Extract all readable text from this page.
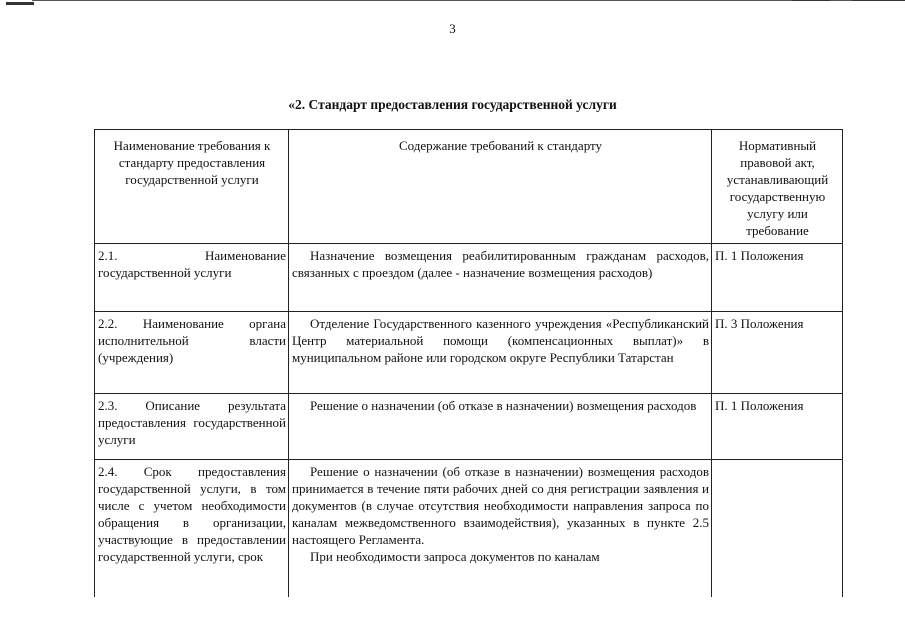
3
«2. Стандарт предоставления государственной услуги
Наименование требования к стандарту предоставления государственной услуги	Содержание требований к стандарту	Нормативный правовой акт, устанавливающий государственную услугу или требование
2.1. Наименование государственной услуги	Назначение возмещения реабилитированным гражданам расходов, связанных с проездом (далее - назначение возмещения расходов)	П. 1 Положения
2.2. Наименование органа исполнительной власти (учреждения)	Отделение Государственного казенного учреждения «Республиканский Центр материальной помощи (компенсационных выплат)» в муниципальном районе или городском округе Республики Татарстан	П. 3 Положения
2.3. Описание результата предоставления государственной услуги	Решение о назначении (об отказе в назначении) возмещения расходов	П. 1 Положения
2.4. Срок предоставления государственной услуги, в том числе с учетом необходимости обращения в организации, участвующие в предоставлении государственной услуги, срок	Решение о назначении (об отказе в назначении) возмещения расходов принимается в течение пяти рабочих дней со дня регистрации заявления и документов (в случае отсутствия необходимости направления запроса по каналам межведомственного взаимодействия), указанных в пункте 2.5 настоящего Регламента.
При необходимости запроса документов по каналам	
